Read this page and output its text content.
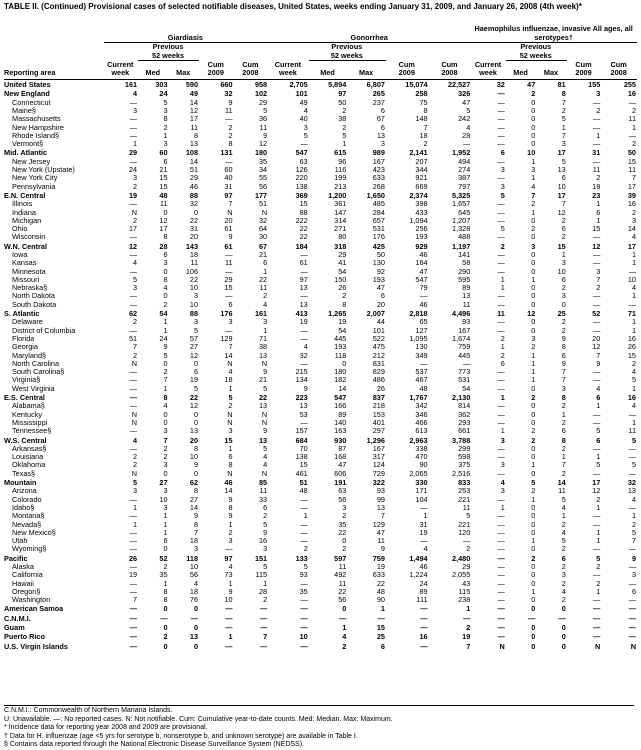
TABLE II. (Continued) Provisional cases of selected notifiable diseases, United States, weeks ending January 31, 2009, and January 26, 2008 (4th week)*
	Giardiasis					Gonorrhea					Haemophilus influenzae, invasive All ages, all serotypes†				
		Previous
52 weeks					Previous
52 weeks					Previous
52 weeks			
Reporting area	Current
week	Med	Max	Cum
2009	Cum
2008	Current
week	Med	Max	Cum
2009	Cum
2008	Current
week	Med	Max	Cum
2009	Cum
2008
United States	161	303	590	660	958	2,705	5,894	6,807	15,074	22,527	32	47	81	155	255
New England	4	24	49	32	102	101	97	265	258	326	—	2	8	3	16
Connecticut	—	5	14	9	29	49	50	237	75	47	—	0	7	—	—
Maine§	3	3	12	11	5	4	2	6	8	5	—	0	2	2	2
Massachusetts	—	8	17	—	36	40	38	67	148	242	—	0	5	—	11
New Hampshire	—	2	11	2	11	3	2	6	7	4	—	0	1	—	1
Rhode Island§	—	1	8	2	9	5	5	13	18	28	—	0	7	1	—
Vermont§	1	3	13	8	12	—	1	3	2	—	—	0	3	—	2
Mid. Atlantic	29	60	108	131	180	547	615	989	2,141	1,952	6	10	17	31	50
New Jersey	—	6	14	—	35	63	96	167	207	494	—	1	5	—	15
New York (Upstate)	24	21	51	60	34	126	116	423	344	274	3	3	13	11	11
New York City	3	15	29	40	55	220	199	633	921	387	—	1	6	2	7
Pennsylvania	2	15	46	31	56	138	213	268	669	797	3	4	10	18	17
E.N. Central	19	48	88	97	177	369	1,200	1,650	2,374	5,325	5	7	17	23	39
Illinois	—	11	32	7	51	15	361	485	398	1,657	—	2	7	1	16
Indiana	N	0	0	N	N	88	147	284	433	645	—	1	12	6	2
Michigan	2	12	22	20	32	222	314	657	1,094	1,207	—	0	2	1	3
Ohio	17	17	31	61	64	22	271	531	256	1,328	5	2	6	15	14
Wisconsin	—	8	20	9	30	22	80	176	193	488	—	0	2	—	4
W.N. Central	12	28	143	61	67	184	318	425	929	1,197	2	3	15	12	17
Iowa	—	6	18	—	21	—	29	50	46	141	—	0	1	—	1
Kansas	4	3	11	11	6	61	41	130	164	58	—	0	3	—	1
Minnesota	—	0	106	—	1	—	54	92	47	290	—	0	10	3	—
Missouri	5	8	22	29	22	97	150	193	547	595	1	1	6	7	10
Nebraska§	3	4	10	15	11	13	26	47	79	89	1	0	2	2	4
North Dakota	—	0	3	—	2	—	2	6	—	13	—	0	3	—	1
South Dakota	—	2	10	6	4	13	8	20	46	11	—	0	0	—	—
S. Atlantic	62	54	88	176	161	413	1,265	2,007	2,818	4,496	11	12	25	52	71
Delaware	2	1	3	3	3	19	19	44	65	93	—	0	2	—	1
District of Columbia	—	1	5	—	1	—	54	101	127	167	—	0	2	—	1
Florida	51	24	57	129	71	—	445	522	1,095	1,674	2	3	9	20	16
Georgia	7	9	27	7	38	4	193	475	130	759	1	2	8	12	26
Maryland§	2	5	12	14	13	32	118	212	349	445	2	1	6	7	15
North Carolina	N	0	0	N	N	—	0	831	—	—	6	1	9	9	2
South Carolina§	—	2	6	4	9	215	180	829	537	773	—	1	7	—	4
Virginia§	—	7	19	18	21	134	182	486	467	531	—	1	7	—	5
West Virginia	—	1	5	1	5	9	14	26	48	54	—	0	3	4	1
E.S. Central	—	8	22	5	22	223	547	837	1,767	2,130	1	2	8	6	16
Alabama§	—	4	12	2	13	13	166	218	342	814	—	0	2	1	4
Kentucky	N	0	0	N	N	53	89	153	346	362	—	0	1	—	—
Mississippi	N	0	0	N	N	—	140	401	466	293	—	0	2	—	1
Tennessee§	—	3	13	3	9	157	163	297	613	661	1	2	6	5	11
W.S. Central	4	7	20	15	13	684	930	1,296	2,963	3,788	3	2	8	6	5
Arkansas§	—	2	8	1	5	70	87	167	338	299	—	0	2	—	—
Louisiana	2	2	10	6	4	138	168	317	470	598	—	0	1	1	—
Oklahoma	2	3	9	8	4	15	47	124	90	375	3	1	7	5	5
Texas§	N	0	0	N	N	461	606	729	2,065	2,516	—	0	2	—	—
Mountain	5	27	62	46	85	51	191	322	330	833	4	5	14	17	32
Arizona	3	3	8	14	11	48	63	93	171	253	3	2	11	12	13
Colorado	—	10	27	9	33	—	56	99	104	221	—	1	5	2	4
Idaho§	1	3	14	8	6	—	3	13	—	11	1	0	4	1	—
Montana§	—	1	9	9	2	1	2	7	1	5	—	0	1	—	1
Nevada§	1	1	8	1	5	—	35	129	31	221	—	0	2	—	2
New Mexico§	—	1	7	2	9	—	22	47	19	120	—	0	4	1	5
Utah	—	6	18	3	16	—	0	11	—	—	—	1	5	1	7
Wyoming§	—	0	3	—	3	2	2	9	4	2	—	0	2	—	—
Pacific	26	52	118	97	151	133	597	759	1,494	2,480	—	2	6	5	9
Alaska	—	2	10	4	5	5	11	19	46	29	—	0	2	2	—
California	19	35	56	73	115	93	492	633	1,224	2,055	—	0	3	—	3
Hawaii	—	1	4	1	1	—	11	22	24	43	—	0	2	2	—
Oregon§	—	8	18	9	28	35	22	48	89	115	—	1	4	1	6
Washington	7	8	76	10	2	—	56	90	111	238	—	0	2	—	—
American Samoa	—	0	0	—	—	—	0	1	—	1	—	0	0	—	—
C.N.M.I.	—	—	—	—	—	—	—	—	—	—	—	—	—	—	—
Guam	—	0	0	—	—	—	1	15	—	2	—	0	0	—	—
Puerto Rico	—	2	13	1	7	10	4	25	16	19	—	0	0	—	—
U.S. Virgin Islands	—	0	0	—	—	—	2	6	—	7	N	0	0	N	N
C.N.M.I.: Commonwealth of Northern Mariana Islands.
U: Unavailable. —: No reported cases. N: Not notifiable. Cum: Cumulative year-to-date counts. Med: Median. Max: Maximum.
* Incidence data for reporting year 2008 and 2009 are provisional.
† Data for H. influenzae (age <5 yrs for serotype b, nonserotype b, and unknown serotype) are available in Table I.
§ Contains data reported through the National Electronic Disease Surveillance System (NEDSS).
